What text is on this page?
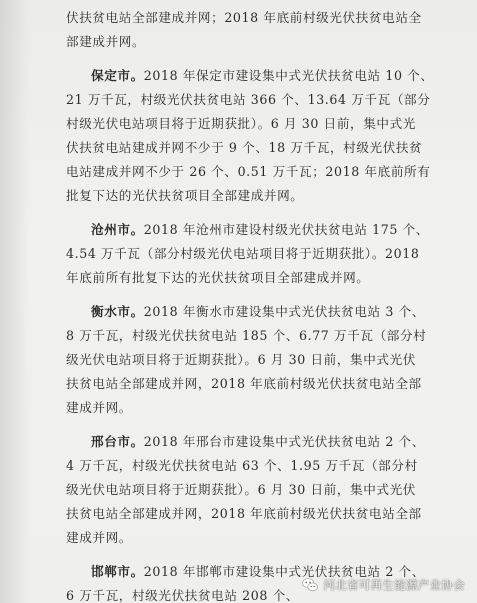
伏扶贫电站全部建成并网；2018 年底前村级光伏扶贫电站全
部建成并网。
保定市。2018 年保定市建设集中式光伏扶贫电站 10 个、
21 万千瓦，村级光伏扶贫电站 366 个、13.64 万千瓦（部分
村级光伏电站项目将于近期获批）。6 月 30 日前，集中式光
伏扶贫电站建成并网不少于 9 个、18 万千瓦，村级光伏扶贫
电站建成并网不少于 26 个、0.51 万千瓦；2018 年底前所有
批复下达的光伏扶贫项目全部建成并网。
沧州市。2018 年沧州市建设村级光伏扶贫电站 175 个、
4.54 万千瓦（部分村级光伏电站项目将于近期获批）。2018
年底前所有批复下达的光伏扶贫项目全部建成并网。
衡水市。2018 年衡水市建设集中式光伏扶贫电站 3 个、
8 万千瓦，村级光伏扶贫电站 185 个、6.77 万千瓦（部分村
级光伏电站项目将于近期获批）。6 月 30 日前，集中式光伏
扶贫电站全部建成并网，2018 年底前村级光伏扶贫电站全部
建成并网。
邢台市。2018 年邢台市建设集中式光伏扶贫电站 2 个、
4 万千瓦，村级光伏扶贫电站 63 个、1.95 万千瓦（部分村
级光伏电站项目将于近期获批）。6 月 30 日前，集中式光伏
扶贫电站全部建成并网，2018 年底前村级光伏扶贫电站全部
建成并网。
邯郸市。2018 年邯郸市建设集中式光伏扶贫电站 2 个、
6 万千瓦，村级光伏扶贫电站 208 个、
河北省可再生能源产业协会
